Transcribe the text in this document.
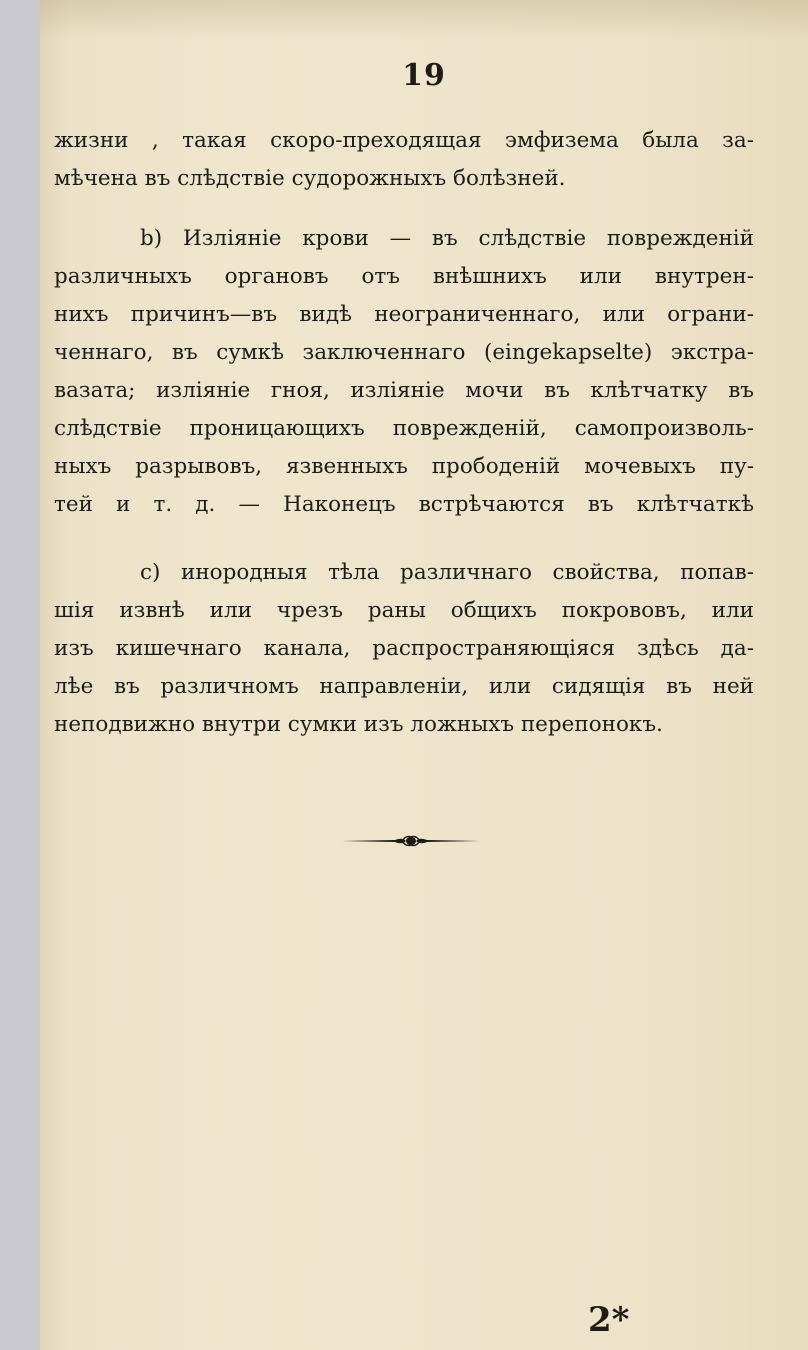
19
жизни , такая скоро-преходящая эмфизема была за-
мѣчена въ слѣдствіе судорожныхъ болѣзней.
b) Изліяніе крови — въ слѣдствіе поврежденій
различныхъ органовъ отъ внѣшнихъ или внутрен-
нихъ причинъ—въ видѣ неограниченнаго, или ограни-
ченнаго, въ сумкѣ заключеннаго (eingekapselte) экстра-
вазата; изліяніе гноя, изліяніе мочи въ клѣтчатку въ
слѣдствіе проницающихъ поврежденій, самопроизволь-
ныхъ разрывовъ, язвенныхъ прободеній мочевыхъ пу-
тей и т. д. — Наконецъ встрѣчаются въ клѣтчаткѣ
c) инородныя тѣла различнаго свойства, попав-
шія извнѣ или чрезъ раны общихъ покрововъ, или
изъ кишечнаго канала, распространяющіяся здѣсь да-
лѣе въ различномъ направленіи, или сидящія въ ней
неподвижно внутри сумки изъ ложныхъ перепонокъ.
2*
